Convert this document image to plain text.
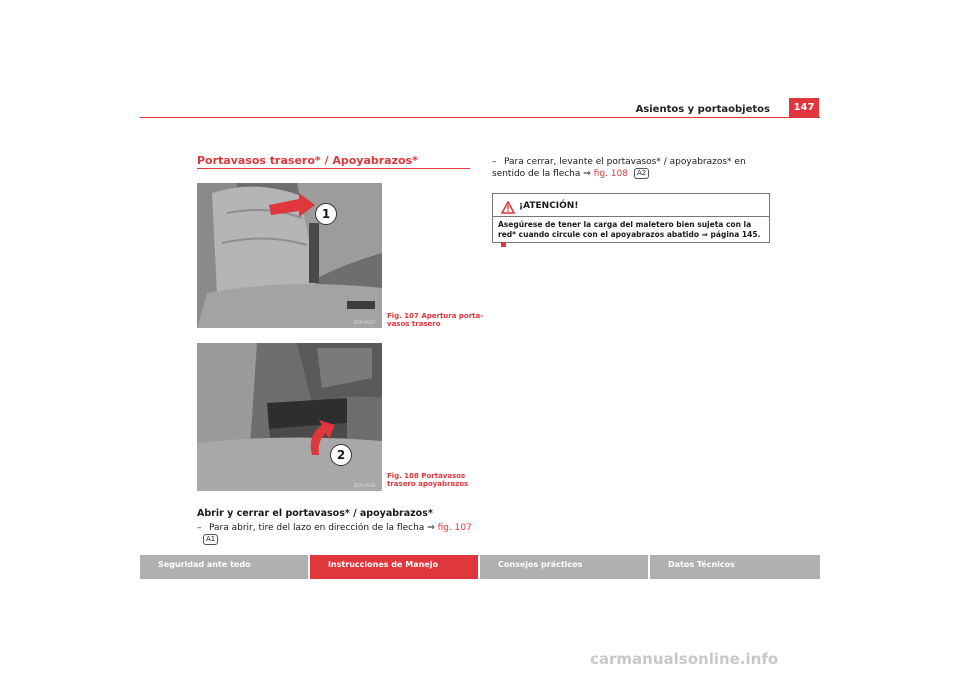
Asientos y portaobjetos	147
Portavasos trasero* / Apoyabrazos*
1
B5P-0037
Fig. 107 Apertura porta-
vasos trasero
2
B5P-0038
Fig. 108 Portavasos
trasero apoyabrazos
Abrir y cerrar el portavasos* / apoyabrazos*
– Para abrir, tire del lazo en dirección de la flecha ⇒ fig. 107A1
– Para cerrar, levante el portavasos* / apoyabrazos* en sentido de la flecha ⇒ fig. 108 A2
¡ATENCIÓN!
Asegúrese de tener la carga del maletero bien sujeta con la red* cuando circule con el apoyabrazos abatido ⇒ página 145.
Seguridad ante todo	Instrucciones de Manejo	Consejos prácticos	Datos Técnicos
carmanualsonline.info
